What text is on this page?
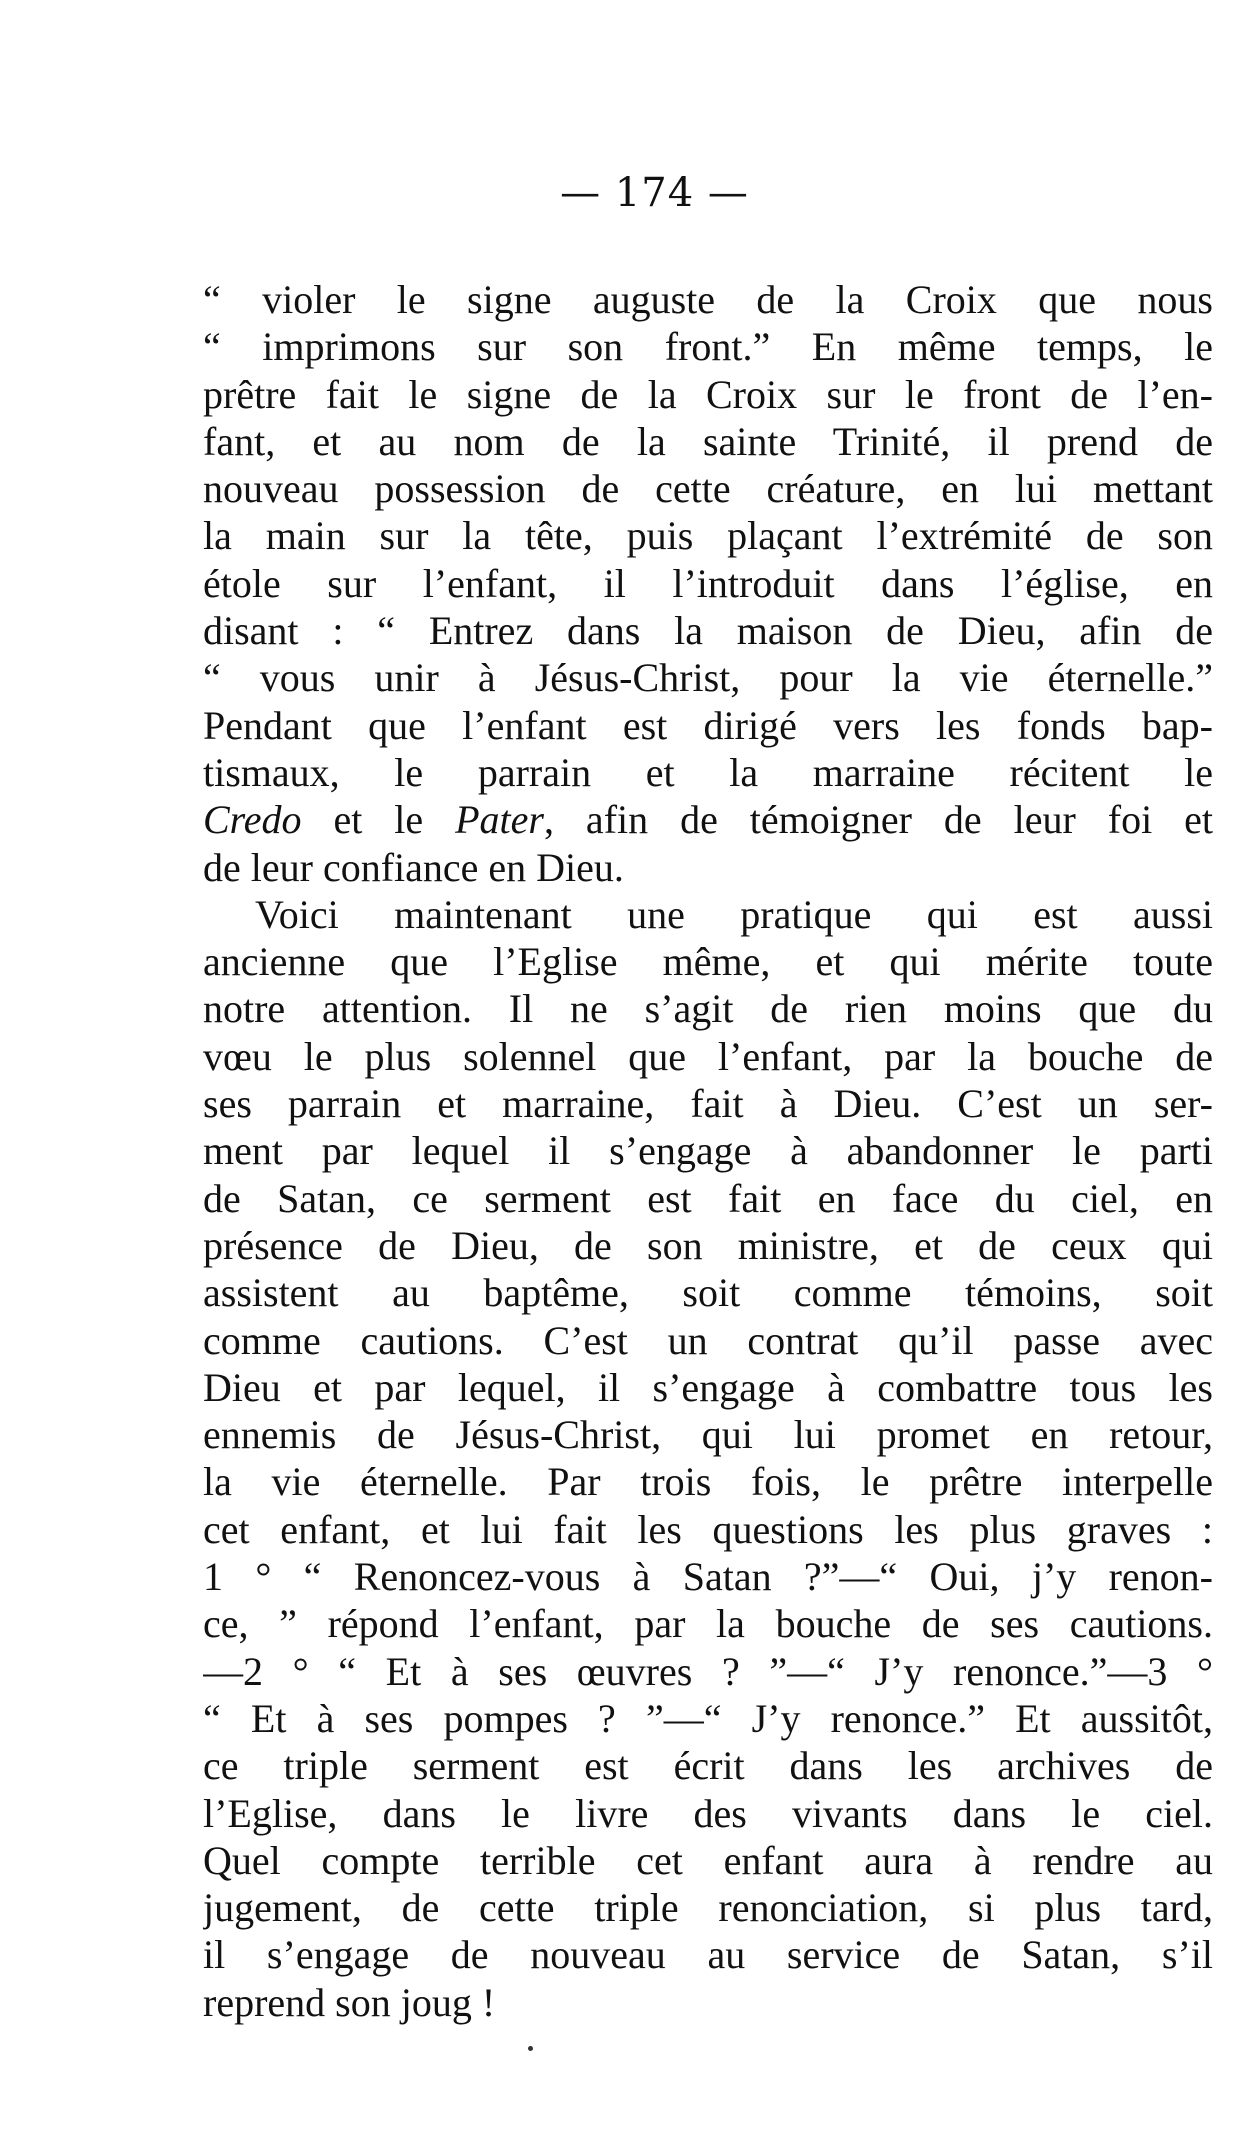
— 174 —
“ violer le signe auguste de la Croix que nous
“ imprimons sur son front.” En même temps, le
prêtre fait le signe de la Croix sur le front de l’en-
fant, et au nom de la sainte Trinité, il prend de
nouveau possession de cette créature, en lui mettant
la main sur la tête, puis plaçant l’extrémité de son
étole sur l’enfant, il l’introduit dans l’église, en
disant : “ Entrez dans la maison de Dieu, afin de
“ vous unir à Jésus-Christ, pour la vie éternelle.”
Pendant que l’enfant est dirigé vers les fonds bap-
tismaux, le parrain et la marraine récitent le
Credo et le Pater, afin de témoigner de leur foi et
de leur confiance en Dieu.
Voici maintenant une pratique qui est aussi
ancienne que l’Eglise même, et qui mérite toute
notre attention. Il ne s’agit de rien moins que du
vœu le plus solennel que l’enfant, par la bouche de
ses parrain et marraine, fait à Dieu. C’est un ser-
ment par lequel il s’engage à abandonner le parti
de Satan, ce serment est fait en face du ciel, en
présence de Dieu, de son ministre, et de ceux qui
assistent au baptême, soit comme témoins, soit
comme cautions. C’est un contrat qu’il passe avec
Dieu et par lequel, il s’engage à combattre tous les
ennemis de Jésus-Christ, qui lui promet en retour,
la vie éternelle. Par trois fois, le prêtre interpelle
cet enfant, et lui fait les questions les plus graves :
1 ° “ Renoncez-vous à Satan ?”—“ Oui, j’y renon-
ce, ” répond l’enfant, par la bouche de ses cautions.
—2 ° “ Et à ses œuvres ? ”—“ J’y renonce.”—3 °
“ Et à ses pompes ? ”—“ J’y renonce.” Et aussitôt,
ce triple serment est écrit dans les archives de
l’Eglise, dans le livre des vivants dans le ciel.
Quel compte terrible cet enfant aura à rendre au
jugement, de cette triple renonciation, si plus tard,
il s’engage de nouveau au service de Satan, s’il
reprend son joug !
